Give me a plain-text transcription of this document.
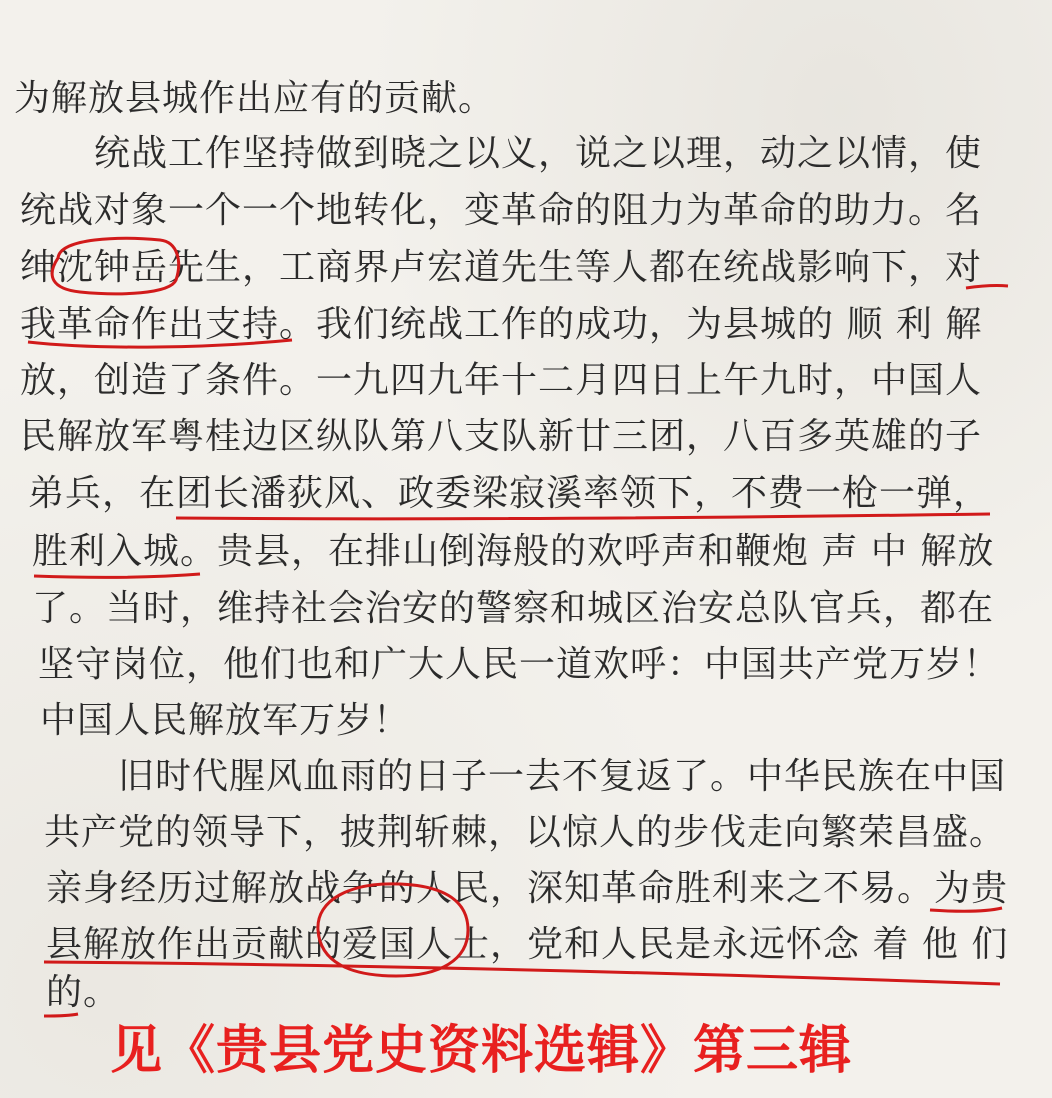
为解放县城作出应有的贡献。
　　统战工作坚持做到晓之以义，说之以理，动之以情，使
统战对象一个一个地转化，变革命的阻力为革命的助力。名
绅沈钟岳先生，工商界卢宏道先生等人都在统战影响下，对
我革命作出支持。我们统战工作的成功，为县城的 顺 利 解
放，创造了条件。一九四九年十二月四日上午九时，中国人
民解放军粤桂边区纵队第八支队新廿三团，八百多英雄的子
弟兵，在团长潘荻风、政委梁寂溪率领下，不费一枪一弹，
胜利入城。贵县，在排山倒海般的欢呼声和鞭炮 声 中 解放
了。当时，维持社会治安的警察和城区治安总队官兵，都在
坚守岗位，他们也和广大人民一道欢呼：中国共产党万岁！
中国人民解放军万岁！
　　旧时代腥风血雨的日子一去不复返了。中华民族在中国
共产党的领导下，披荆斩棘，以惊人的步伐走向繁荣昌盛。
亲身经历过解放战争的人民，深知革命胜利来之不易。为贵
县解放作出贡献的爱国人士，党和人民是永远怀念 着 他 们
的。
见《贵县党史资料选辑》第三辑
